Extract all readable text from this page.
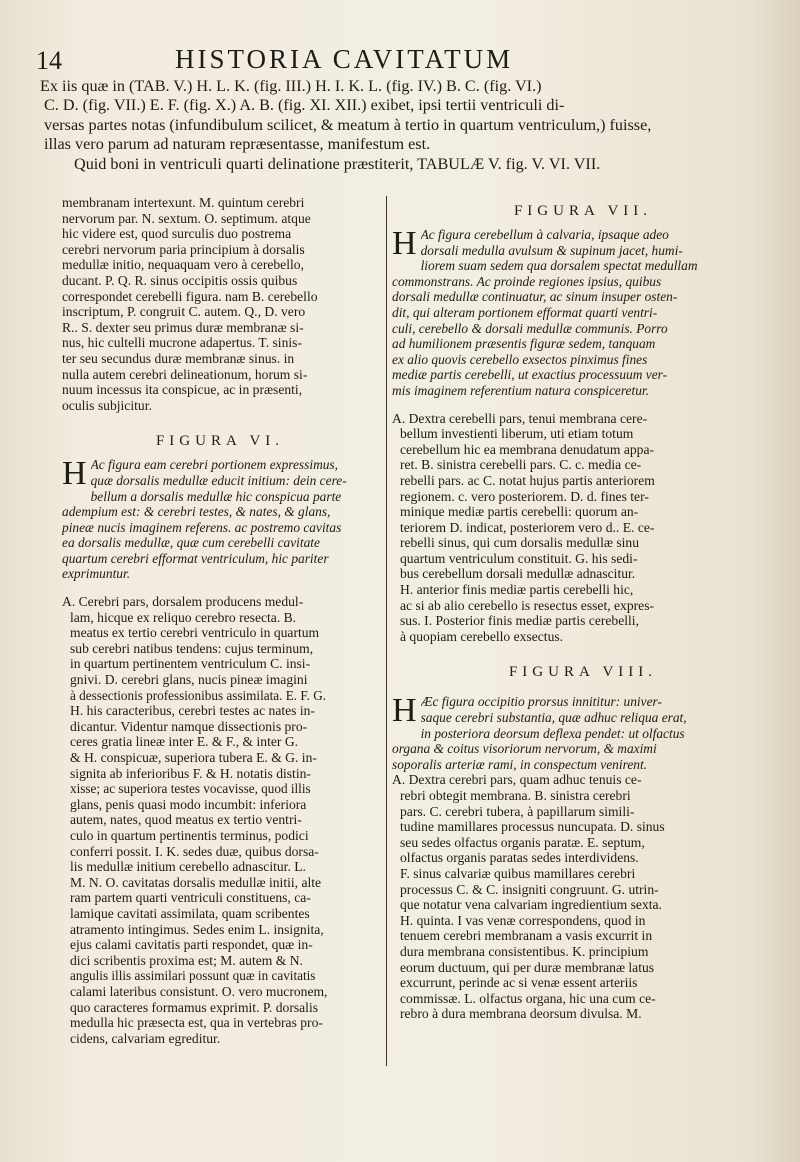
14	HISTORIA CAVITATUM
Ex iis quæ in (TAB. V.) H. L. K. (fig. III.) H. I. K. L. (fig. IV.) B. C. (fig. VI.)
C. D. (fig. VII.) E. F. (fig. X.) A. B. (fig. XI. XII.) exibet, ipsi tertii ventriculi di-
versas partes notas (infundibulum scilicet, & meatum à tertio in quartum ventriculum,) fuisse,
illas vero parum ad naturam repræsentasse, manifestum est.
Quid boni in ventriculi quarti delinatione præstiterit, TABULÆ V. fig. V. VI. VII.
membranam intertexunt. M. quintum cerebri
nervorum par. N. sextum. O. septimum. atque
hic videre est, quod surculis duo postrema
cerebri nervorum paria principium à dorsalis
medullæ initio, nequaquam vero à cerebello,
ducant. P. Q. R. sinus occipitis ossis quibus
correspondet cerebelli figura. nam B. cerebello
inscriptum, P. congruit C. autem. Q., D. vero
R.. S. dexter seu primus duræ membranæ si-
nus, hic cultelli mucrone adapertus. T. sinis-
ter seu secundus duræ membranæ sinus. in
nulla autem cerebri delineationum, horum si-
nuum incessus ita conspicue, ac in præsenti,
oculis subjicitur.
FIGURA VI.
H Ac figura eam cerebri portionem expressimus,
quæ dorsalis medullæ educit initium: dein cere-
bellum a dorsalis medullæ hic conspicua parte
adempium est: & cerebri testes, & nates, & glans,
pineæ nucis imaginem referens. ac postremo cavitas
ea dorsalis medullæ, quæ cum cerebelli cavitate
quartum cerebri efformat ventriculum, hic pariter
exprimuntur.
A. Cerebri pars, dorsalem producens medul-
lam, hicque ex reliquo cerebro resecta. B.
meatus ex tertio cerebri ventriculo in quartum
sub cerebri natibus tendens: cujus terminum,
in quartum pertinentem ventriculum C. insi-
gnivi. D. cerebri glans, nucis pineæ imagini
à dessectionis professionibus assimilata. E. F. G.
H. his caracteribus, cerebri testes ac nates in-
dicantur. Videntur namque dissectionis pro-
ceres gratia lineæ inter E. & F., & inter G.
& H. conspicuæ, superiora tubera E. & G. in-
signita ab inferioribus F. & H. notatis distin-
xisse; ac superiora testes vocavisse, quod illis
glans, penis quasi modo incumbit: inferiora
autem, nates, quod meatus ex tertio ventri-
culo in quartum pertinentis terminus, podici
conferri possit. I. K. sedes duæ, quibus dorsa-
lis medullæ initium cerebello adnascitur. L.
M. N. O. cavitatas dorsalis medullæ initii, alte
ram partem quarti ventriculi constituens, ca-
lamique cavitati assimilata, quam scribentes
atramento intingimus. Sedes enim L. insignita,
ejus calami cavitatis parti respondet, quæ in-
dici scribentis proxima est; M. autem & N.
angulis illis assimilari possunt quæ in cavitatis
calami lateribus consistunt. O. vero mucronem,
quo caracteres formamus exprimit. P. dorsalis
medulla hic præsecta est, qua in vertebras pro-
cidens, calvariam egreditur.
FIGURA VII.
H Ac figura cerebellum à calvaria, ipsaque adeo
dorsali medulla avulsum & supinum jacet, humi-
liorem suam sedem qua dorsalem spectat medullam
commonstrans. Ac proinde regiones ipsius, quibus
dorsali medullæ continuatur, ac sinum insuper osten-
dit, qui alteram portionem efformat quarti ventri-
culi, cerebello & dorsali medullæ communis. Porro
ad humilionem præsentis figuræ sedem, tanquam
ex alio quovis cerebello exsectos pinximus fines
mediæ partis cerebelli, ut exactius processuum ver-
mis imaginem referentium natura conspiceretur.
A. Dextra cerebelli pars, tenui membrana cere-
bellum investienti liberum, uti etiam totum
cerebellum hic ea membrana denudatum appa-
ret. B. sinistra cerebelli pars. C. c. media ce-
rebelli pars. ac C. notat hujus partis anteriorem
regionem. c. vero posteriorem. D. d. fines ter-
minique mediæ partis cerebelli: quorum an-
teriorem D. indicat, posteriorem vero d.. E. ce-
rebelli sinus, qui cum dorsalis medullæ sinu
quartum ventriculum constituit. G. his sedi-
bus cerebellum dorsali medullæ adnascitur.
H. anterior finis mediæ partis cerebelli hic,
ac si ab alio cerebello is resectus esset, expres-
sus. I. Posterior finis mediæ partis cerebelli,
à quopiam cerebello exsectus.
FIGURA VIII.
H Æc figura occipitio prorsus innititur: univer-
saque cerebri substantia, quæ adhuc reliqua erat,
in posteriora deorsum deflexa pendet: ut olfactus
organa & coitus visoriorum nervorum, & maximi
soporalis arteriæ rami, in conspectum venirent.
A. Dextra cerebri pars, quam adhuc tenuis ce-
rebri obtegit membrana. B. sinistra cerebri
pars. C. cerebri tubera, à papillarum simili-
tudine mamillares processus nuncupata. D. sinus
seu sedes olfactus organis paratæ. E. septum,
olfactus organis paratas sedes interdividens.
F. sinus calvariæ quibus mamillares cerebri
processus C. & C. insigniti congruunt. G. utrin-
que notatur vena calvariam ingredientium sexta.
H. quinta. I vas venæ correspondens, quod in
tenuem cerebri membranam a vasis excurrit in
dura membrana consistentibus. K. principium
eorum ductuum, qui per duræ membranæ latus
excurrunt, perinde ac si venæ essent arteriis
commissæ. L. olfactus organa, hic una cum ce-
rebro à dura membrana deorsum divulsa. M.
